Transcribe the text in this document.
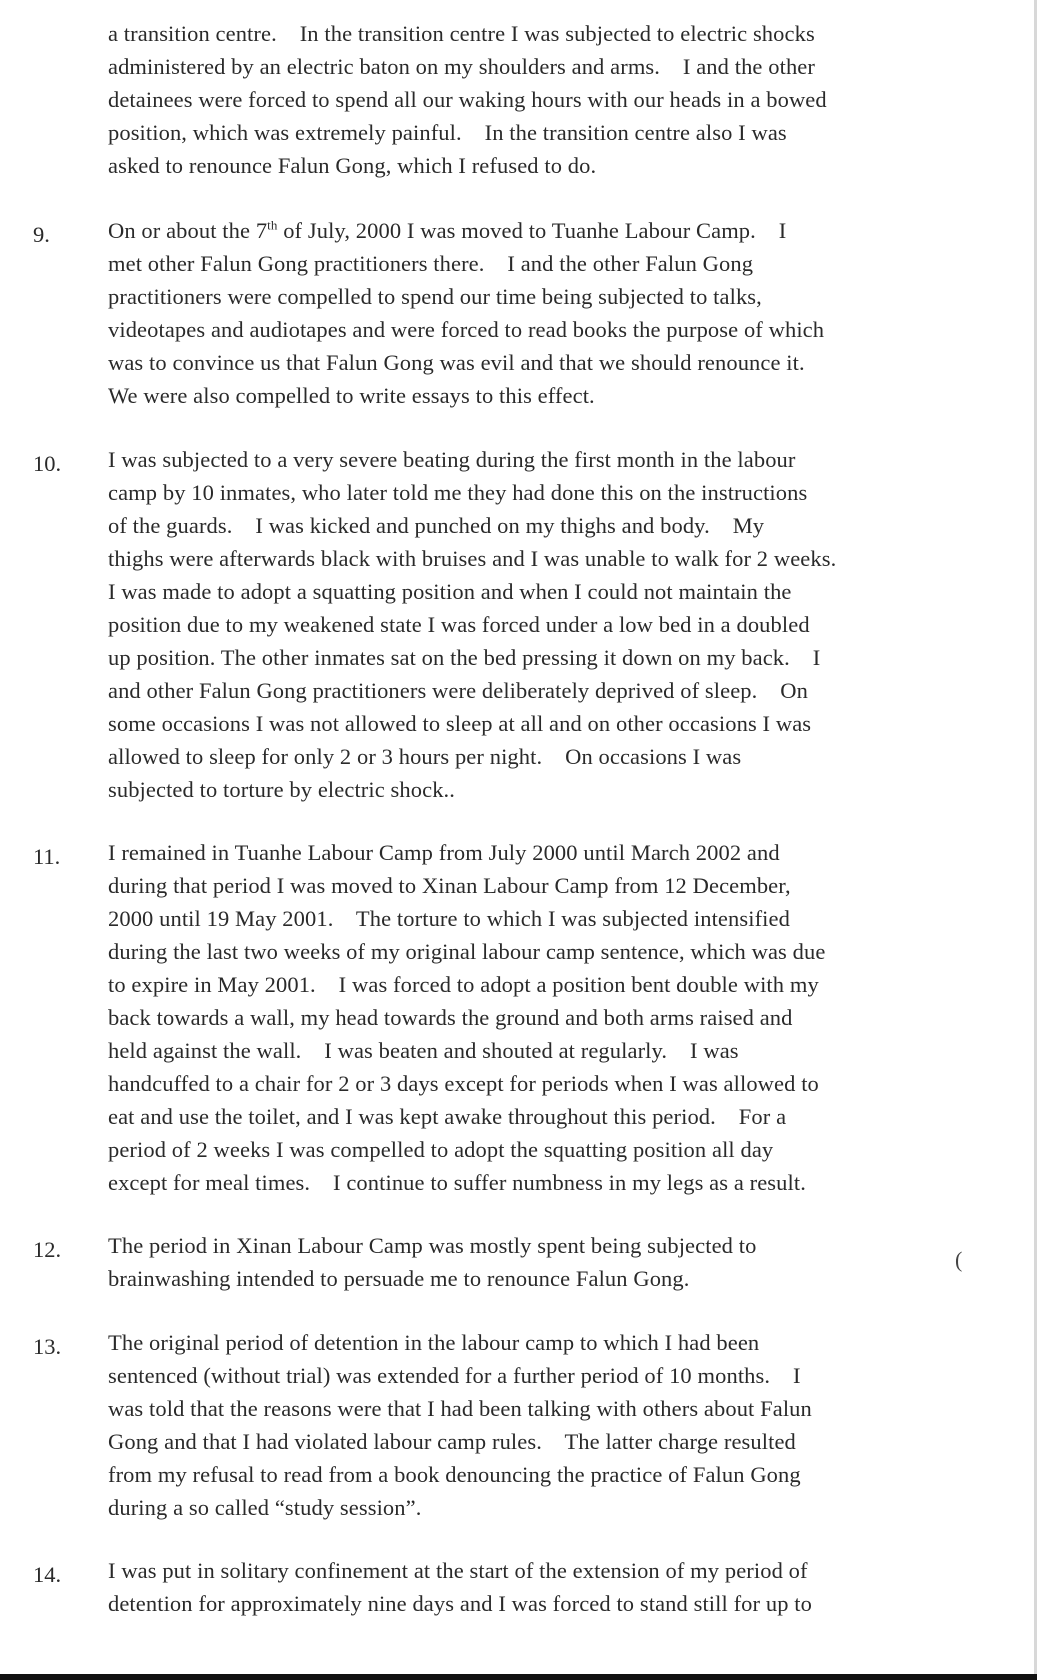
a transition centre.    In the transition centre I was subjected to electric shocks
administered by an electric baton on my shoulders and arms.    I and the other
detainees were forced to spend all our waking hours with our heads in a bowed
position, which was extremely painful.    In the transition centre also I was
asked to renounce Falun Gong, which I refused to do.
9.	On or about the 7th of July, 2000 I was moved to Tuanhe Labour Camp.    I
met other Falun Gong practitioners there.    I and the other Falun Gong
practitioners were compelled to spend our time being subjected to talks,
videotapes and audiotapes and were forced to read books the purpose of which
was to convince us that Falun Gong was evil and that we should renounce it.
We were also compelled to write essays to this effect.
10. I was subjected to a very severe beating during the first month in the labour
camp by 10 inmates, who later told me they had done this on the instructions
of the guards.    I was kicked and punched on my thighs and body.    My
thighs were afterwards black with bruises and I was unable to walk for 2 weeks.
I was made to adopt a squatting position and when I could not maintain the
position due to my weakened state I was forced under a low bed in a doubled
up position. The other inmates sat on the bed pressing it down on my back.    I
and other Falun Gong practitioners were deliberately deprived of sleep.    On
some occasions I was not allowed to sleep at all and on other occasions I was
allowed to sleep for only 2 or 3 hours per night.    On occasions I was
subjected to torture by electric shock..
11. I remained in Tuanhe Labour Camp from July 2000 until March 2002 and
during that period I was moved to Xinan Labour Camp from 12 December,
2000 until 19 May 2001.    The torture to which I was subjected intensified
during the last two weeks of my original labour camp sentence, which was due
to expire in May 2001.    I was forced to adopt a position bent double with my
back towards a wall, my head towards the ground and both arms raised and
held against the wall.    I was beaten and shouted at regularly.    I was
handcuffed to a chair for 2 or 3 days except for periods when I was allowed to
eat and use the toilet, and I was kept awake throughout this period.    For a
period of 2 weeks I was compelled to adopt the squatting position all day
except for meal times.    I continue to suffer numbness in my legs as a result.
12. The period in Xinan Labour Camp was mostly spent being subjected to
brainwashing intended to persuade me to renounce Falun Gong.
(
13. The original period of detention in the labour camp to which I had been
sentenced (without trial) was extended for a further period of 10 months.    I
was told that the reasons were that I had been talking with others about Falun
Gong and that I had violated labour camp rules.    The latter charge resulted
from my refusal to read from a book denouncing the practice of Falun Gong
during a so called “study session”.
14. I was put in solitary confinement at the start of the extension of my period of
detention for approximately nine days and I was forced to stand still for up to
